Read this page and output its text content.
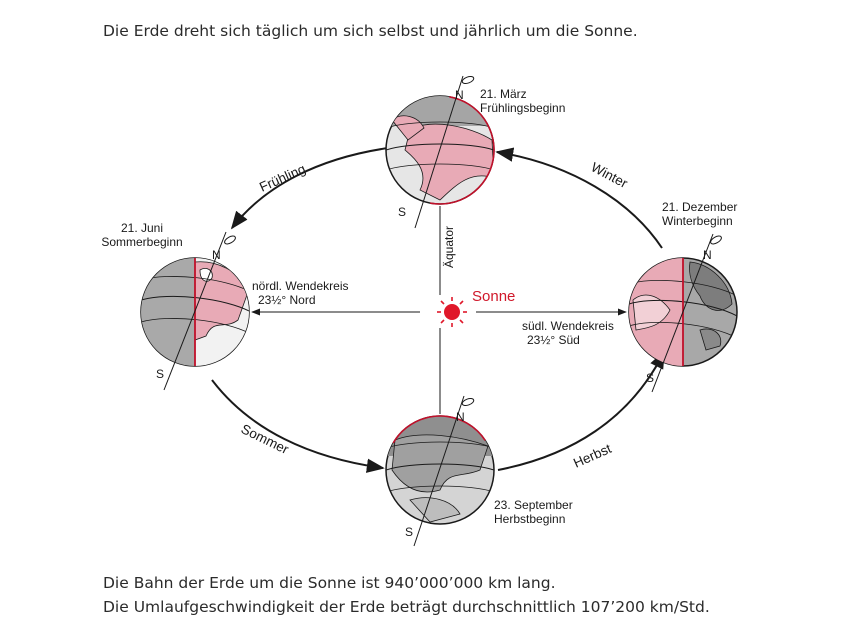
Die Erde dreht sich täglich um sich selbst und jährlich um die Sonne.
Sonne
Äquator
N
S
21. März
Frühlingsbeginn
N
S
21. Juni
Sommerbeginn
nördl. Wendekreis
23½° Nord
N
S
23. September
Herbstbeginn
N
S
21. Dezember
Winterbeginn
südl. Wendekreis
23½° Süd
Frühling	Winter
Sommer	Herbst
Die Bahn der Erde um die Sonne ist 940’000’000 km lang.
Die Umlaufgeschwindigkeit der Erde beträgt durchschnittlich 107’200 km/Std.
